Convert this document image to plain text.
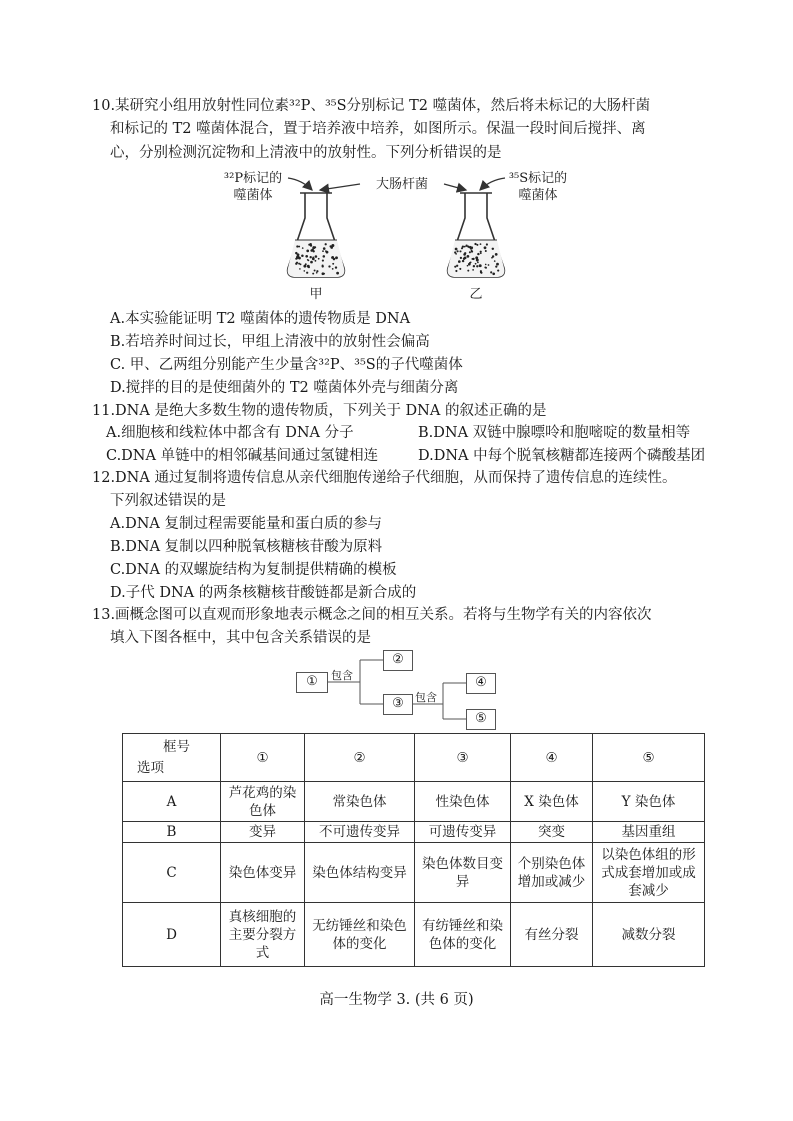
10.某研究小组用放射性同位素³²P、³⁵S分别标记 T2 噬菌体，然后将未标记的大肠杆菌
和标记的 T2 噬菌体混合，置于培养液中培养，如图所示。保温一段时间后搅拌、离
心，分别检测沉淀物和上清液中的放射性。下列分析错误的是
³²P标记的
噬菌体
大肠杆菌	³⁵S标记的
噬菌体
甲	乙
A.本实验能证明 T2 噬菌体的遗传物质是 DNA
B.若培养时间过长，甲组上清液中的放射性会偏高
C. 甲、乙两组分别能产生少量含³²P、³⁵S的子代噬菌体
D.搅拌的目的是使细菌外的 T2 噬菌体外壳与细菌分离
11.DNA 是绝大多数生物的遗传物质，下列关于 DNA 的叙述正确的是
A.细胞核和线粒体中都含有 DNA 分子	B.DNA 双链中腺嘌呤和胞嘧啶的数量相等
C.DNA 单链中的相邻碱基间通过氢键相连	D.DNA 中每个脱氧核糖都连接两个磷酸基团
12.DNA 通过复制将遗传信息从亲代细胞传递给子代细胞，从而保持了遗传信息的连续性。
下列叙述错误的是
A.DNA 复制过程需要能量和蛋白质的参与
B.DNA 复制以四种脱氧核糖核苷酸为原料
C.DNA 的双螺旋结构为复制提供精确的模板
D.子代 DNA 的两条核糖核苷酸链都是新合成的
13.画概念图可以直观而形象地表示概念之间的相互关系。若将与生物学有关的内容依次
填入下图各框中，其中包含关系错误的是
①
②
③
④
⑤
包含
包含
框号
选项	①	②	③	④	⑤
A	芦花鸡的染色体	常染色体	性染色体	X 染色体	Y 染色体
B	变异	不可遗传变异	可遗传变异	突变	基因重组
C	染色体变异	染色体结构变异	染色体数目变异	个别染色体增加或减少	以染色体组的形式成套增加或成套减少
D	真核细胞的主要分裂方式	无纺锤丝和染色体的变化	有纺锤丝和染色体的变化	有丝分裂	减数分裂
高一生物学 3. (共 6 页)
